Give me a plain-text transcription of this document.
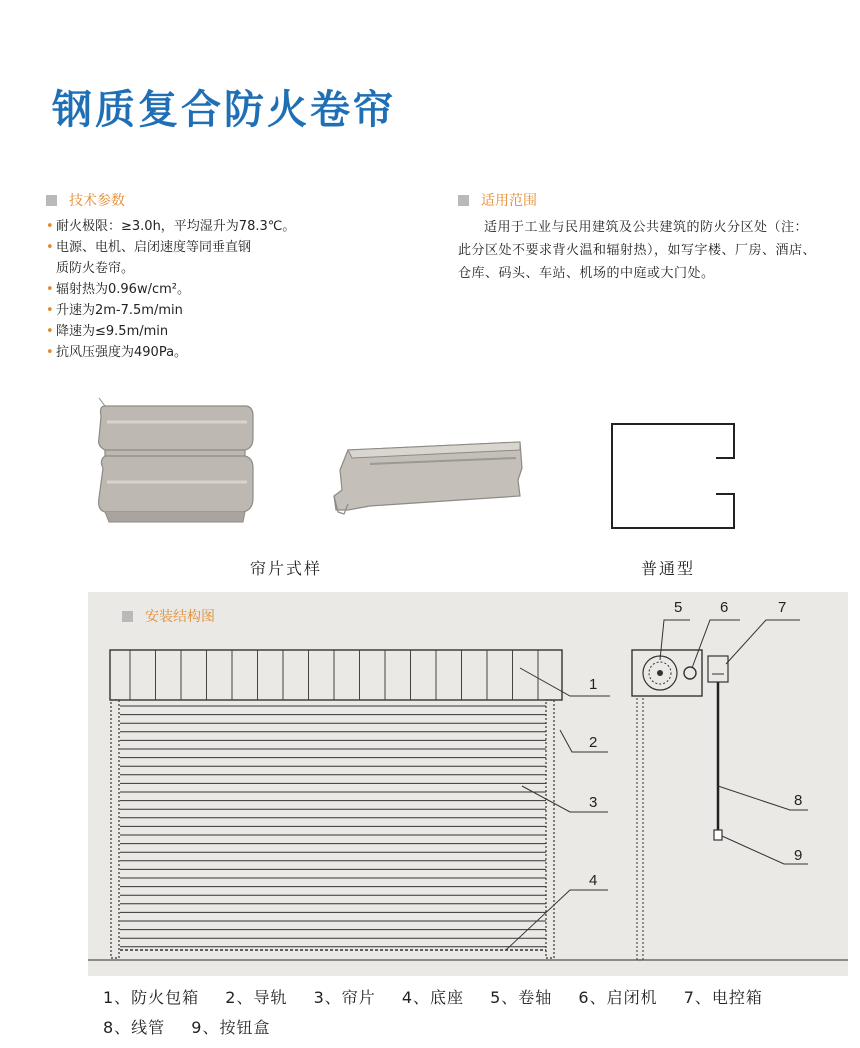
钢质复合防火卷帘
技术参数
• 耐火极限：≥3.0h，平均湿升为78.3℃。
• 电源、电机、启闭速度等同垂直钢
质防火卷帘。
• 辐射热为0.96w/cm²。
• 升速为2m-7.5m/min
• 降速为≤9.5m/min
• 抗风压强度为490Pa。
适用范围

适用于工业与民用建筑及公共建筑的防火分区处（注：此分区处不要求背火温和辐射热），如写字楼、厂房、酒店、仓库、码头、车站、机场的中庭或大门处。

帘片式样	普通型
安装结构图
1
2
3
4
5	6	7
8
9
1、防火包箱 2、导轨 3、帘片 4、底座 5、卷轴 6、启闭机 7、电控箱 8、线管 9、按钮盒
